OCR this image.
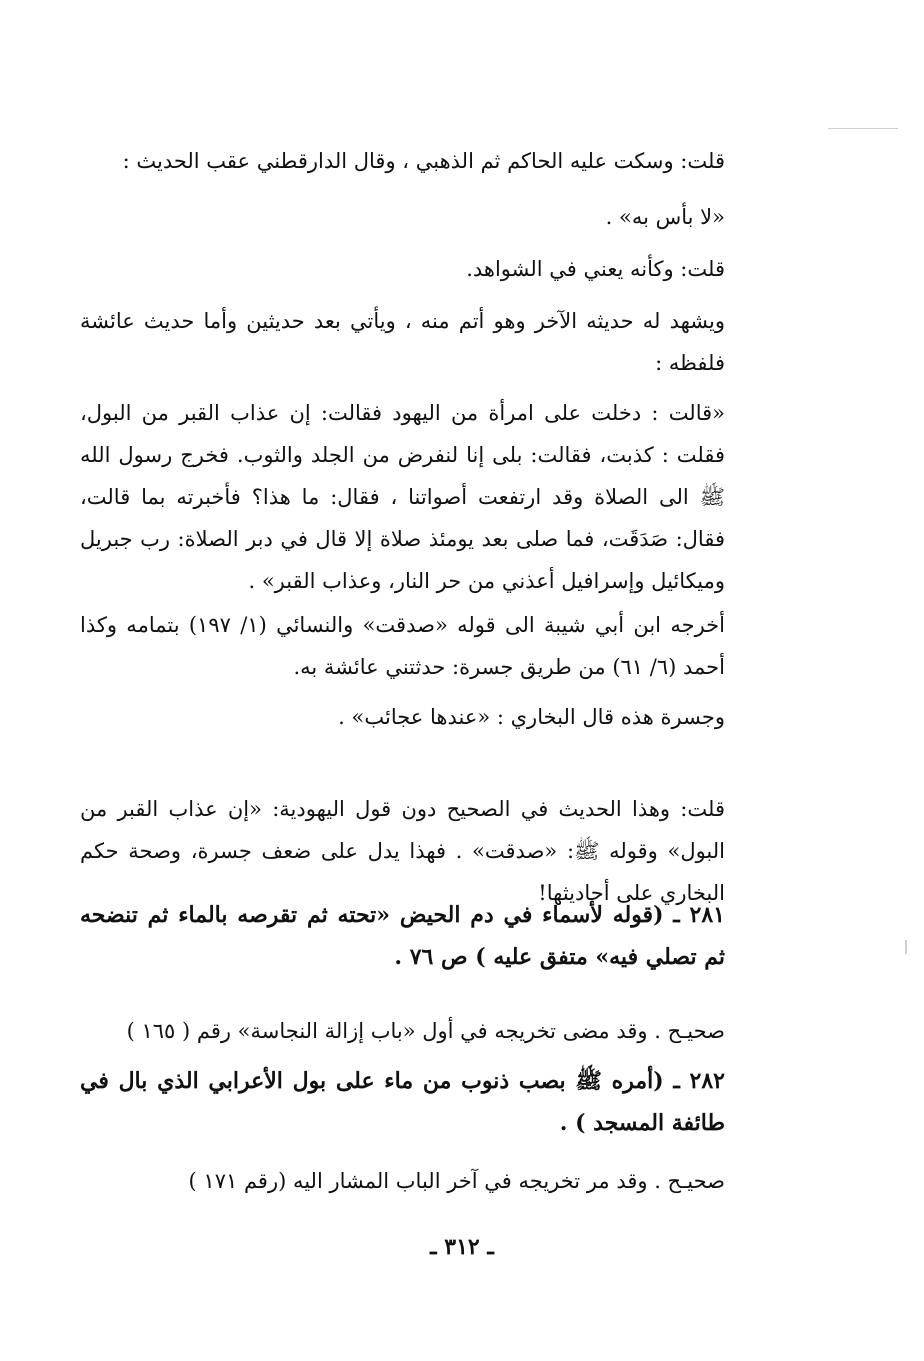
قلت: وسكت عليه الحاكم ثم الذهبي ، وقال الدارقطني عقب الحديث :
«لا بأس به» .
قلت: وكأنه يعني في الشواهد.
ويشهد له حديثه الآخر وهو أتم منه ، ويأتي بعد حديثين وأما حديث عائشة فلفظه :
«قالت : دخلت على امرأة من اليهود فقالت: إن عذاب القبر من البول، فقلت : كذبت، فقالت: بلى إنا لنفرض من الجلد والثوب. فخرج رسول الله ﷺ الى الصلاة وقد ارتفعت أصواتنا ، فقال: ما هذا؟ فأخبرته بما قالت، فقال: صَدَقَت، فما صلى بعد يومئذ صلاة إلا قال في دبر الصلاة: رب جبريل وميكائيل وإسرافيل أعذني من حر النار، وعذاب القبر» .
أخرجه ابن أبي شيبة الى قوله «صدقت» والنسائي (١/ ١٩٧) بتمامه وكذا أحمد (٦/ ٦١) من طريق جسرة: حدثتني عائشة به.
وجسرة هذه قال البخاري : «عندها عجائب» .
قلت: وهذا الحديث في الصحيح دون قول اليهودية: «إن عذاب القبر من البول» وقوله ﷺ: «صدقت» . فهذا يدل على ضعف جسرة، وصحة حكم البخاري على أحاديثها!
٢٨١ ـ (قوله لأسماء في دم الحيض «تحته ثم تقرصه بالماء ثم تنضحه ثم تصلي فيه» متفق عليه ) ص ٧٦ .
صحيـح . وقد مضى تخريجه في أول «باب إزالة النجاسة» رقم ( ١٦٥ )
٢٨٢ ـ (أمره ﷺ بصب ذنوب من ماء على بول الأعرابي الذي بال في طائفة المسجد ) .
صحيـح . وقد مر تخريجه في آخر الباب المشار اليه (رقم ١٧١ )
ـ ٣١٢ ـ
